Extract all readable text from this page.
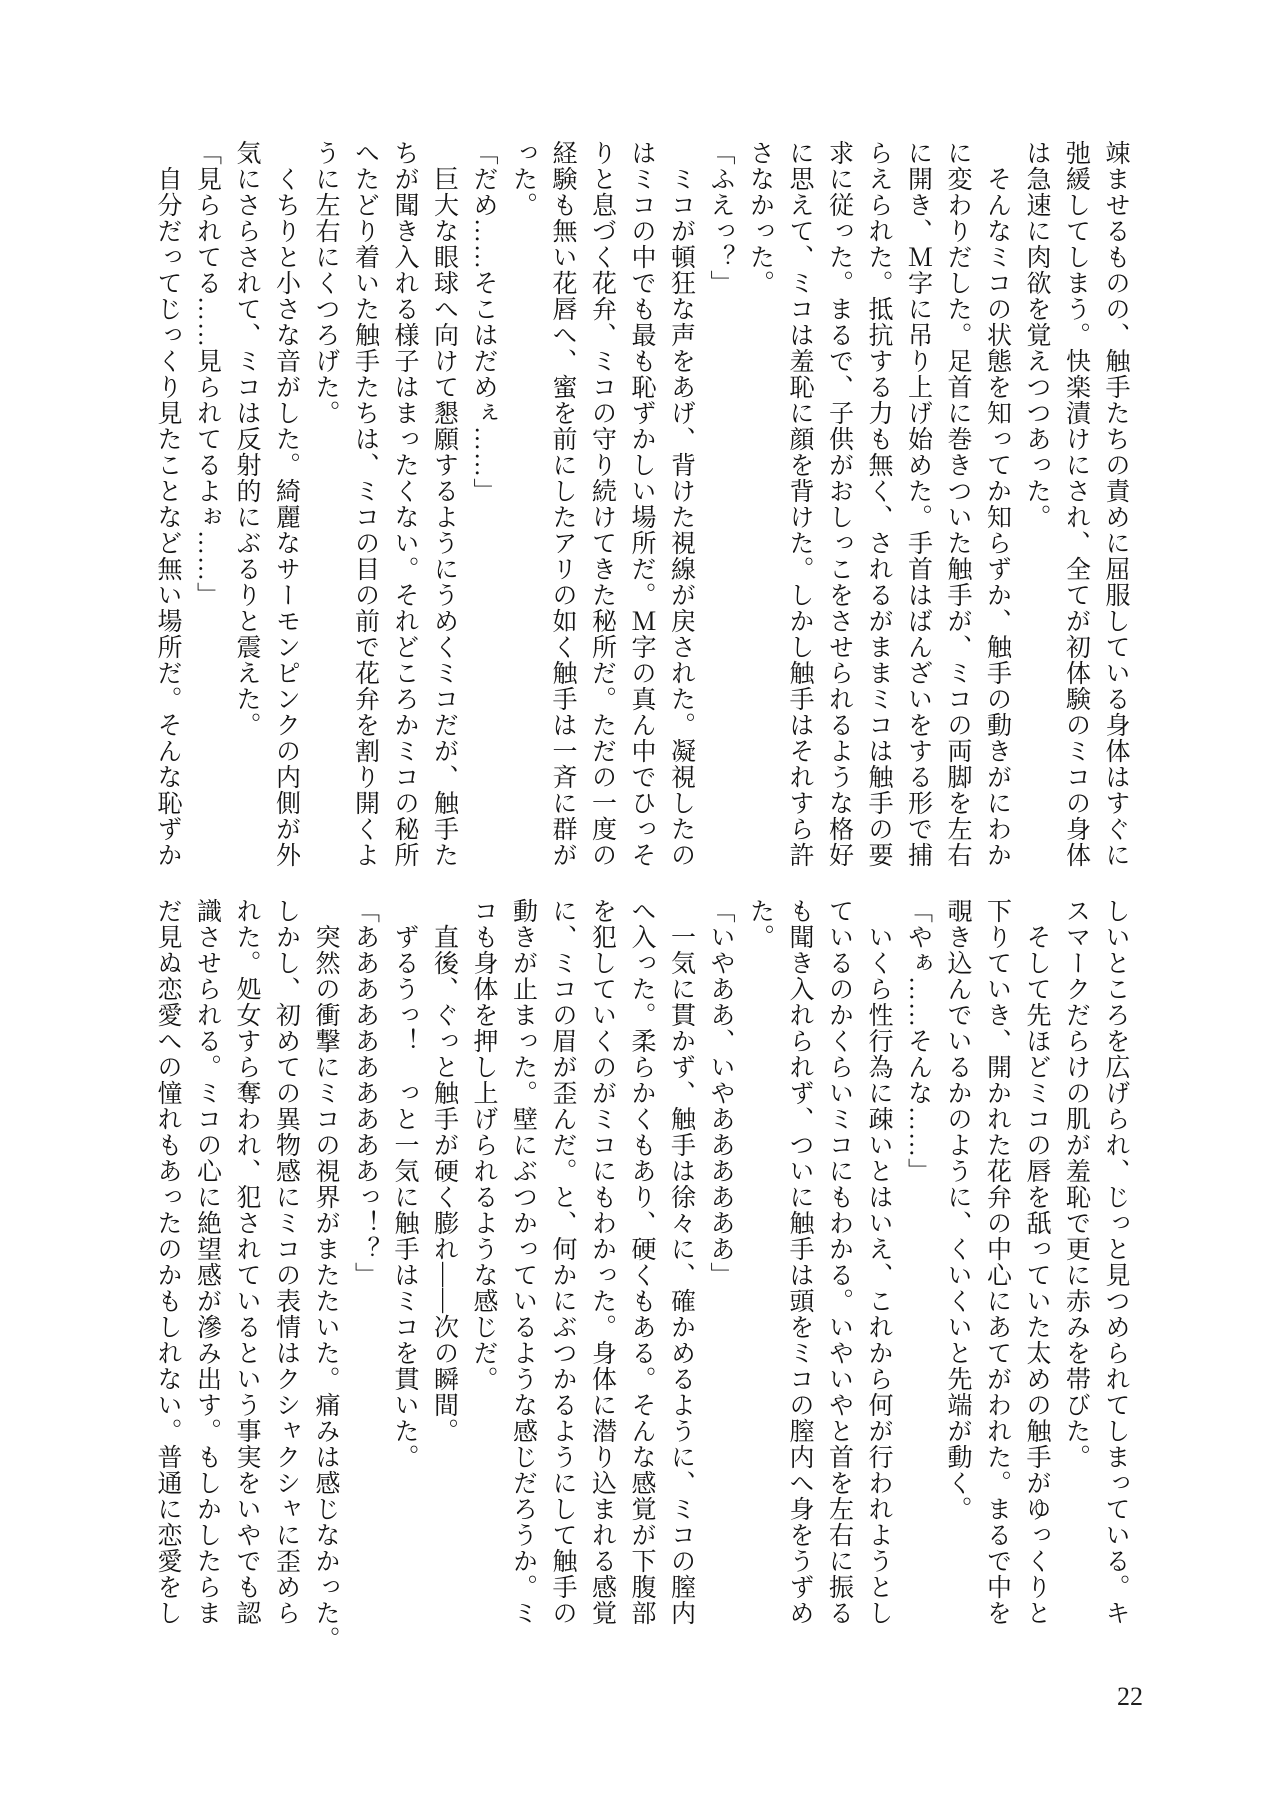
竦ませるものの、触手たちの責めに屈服している身体はすぐに

弛緩してしまう。快楽漬けにされ、全てが初体験のミコの身体

は急速に肉欲を覚えつつあった。

　そんなミコの状態を知ってか知らずか、触手の動きがにわか

に変わりだした。足首に巻きついた触手が、ミコの両脚を左右

に開き、Ｍ字に吊り上げ始めた。手首はばんざいをする形で捕

らえられた。抵抗する力も無く、されるがままミコは触手の要

求に従った。まるで、子供がおしっこをさせられるような格好

に思えて、ミコは羞恥に顔を背けた。しかし触手はそれすら許

さなかった。

「ふえっ？」

　ミコが頓狂な声をあげ、背けた視線が戻された。凝視したの

はミコの中でも最も恥ずかしい場所だ。Ｍ字の真ん中でひっそ

りと息づく花弁、ミコの守り続けてきた秘所だ。ただの一度の

経験も無い花唇へ、蜜を前にしたアリの如く触手は一斉に群が

った。

「だめ……そこはだめぇ……」

　巨大な眼球へ向けて懇願するようにうめくミコだが、触手た

ちが聞き入れる様子はまったくない。それどころかミコの秘所

へたどり着いた触手たちは、ミコの目の前で花弁を割り開くよ

うに左右にくつろげた。

　くちりと小さな音がした。綺麗なサーモンピンクの内側が外

気にさらされて、ミコは反射的にぶるりと震えた。

「見られてる……見られてるよぉ……」

　自分だってじっくり見たことなど無い場所だ。そんな恥ずか

しいところを広げられ、じっと見つめられてしまっている。キ

スマークだらけの肌が羞恥で更に赤みを帯びた。

　そして先ほどミコの唇を舐っていた太めの触手がゆっくりと

下りていき、開かれた花弁の中心にあてがわれた。まるで中を

覗き込んでいるかのように、くいくいと先端が動く。

「やぁ……そんな……」

　いくら性行為に疎いとはいえ、これから何が行われようとし

ているのかくらいミコにもわかる。いやいやと首を左右に振る

も聞き入れられず、ついに触手は頭をミコの膣内へ身をうずめ

た。

「いやああ、いやああああああ」

　一気に貫かず、触手は徐々に、確かめるように、ミコの膣内

へ入った。柔らかくもあり、硬くもある。そんな感覚が下腹部

を犯していくのがミコにもわかった。身体に潜り込まれる感覚

に、ミコの眉が歪んだ。と、何かにぶつかるようにして触手の

動きが止まった。壁にぶつかっているような感じだろうか。ミ

コも身体を押し上げられるような感じだ。

　直後、ぐっと触手が硬く膨れ――次の瞬間。

　ずるうっ！　っと一気に触手はミコを貫いた。

「ああああああああああっ！？」

　突然の衝撃にミコの視界がまたたいた。痛みは感じなかった。

しかし、初めての異物感にミコの表情はクシャクシャに歪めら

れた。処女すら奪われ、犯されているという事実をいやでも認

識させられる。ミコの心に絶望感が滲み出す。もしかしたらま

だ見ぬ恋愛への憧れもあったのかもしれない。普通に恋愛をし

22
